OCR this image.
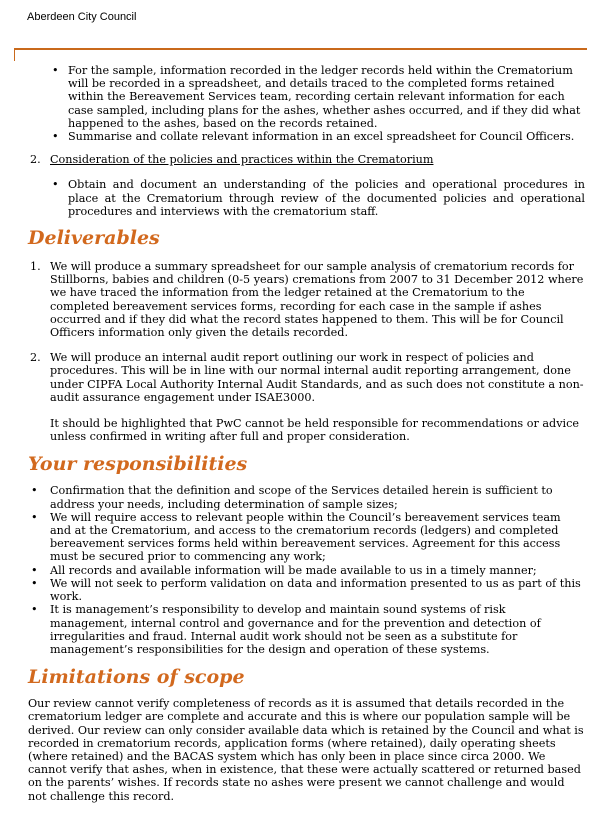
Aberdeen City Council
• For the sample, information recorded in the ledger records held within the Crematorium will be recorded in a spreadsheet, and details traced to the completed forms retained within the Bereavement Services team, recording certain relevant information for each case sampled, including plans for the ashes, whether ashes occurred, and if they did what happened to the ashes, based on the records retained.
• Summarise and collate relevant information in an excel spreadsheet for Council Officers.
2. Consideration of the policies and practices within the Crematorium
• Obtain and document an understanding of the policies and operational procedures in place at the Crematorium through review of the documented policies and operational procedures and interviews with the crematorium staff.
Deliverables
1. We will produce a summary spreadsheet for our sample analysis of crematorium records for Stillborns, babies and children (0-5 years) cremations from 2007 to 31 December 2012 where we have traced the information from the ledger retained at the Crematorium to the completed bereavement services forms, recording for each case in the sample if ashes occurred and if they did what the record states happened to them. This will be for Council Officers information only given the details recorded.
2. We will produce an internal audit report outlining our work in respect of policies and procedures. This will be in line with our normal internal audit reporting arrangement, done under CIPFA Local Authority Internal Audit Standards, and as such does not constitute a non-audit assurance engagement under ISAE3000.
It should be highlighted that PwC cannot be held responsible for recommendations or advice unless confirmed in writing after full and proper consideration.
Your responsibilities
• Confirmation that the definition and scope of the Services detailed herein is sufficient to address your needs, including determination of sample sizes;
• We will require access to relevant people within the Council’s bereavement services team and at the Crematorium, and access to the crematorium records (ledgers) and completed bereavement services forms held within bereavement services. Agreement for this access must be secured prior to commencing any work;
• All records and available information will be made available to us in a timely manner;
• We will not seek to perform validation on data and information presented to us as part of this work.
• It is management’s responsibility to develop and maintain sound systems of risk management, internal control and governance and for the prevention and detection of irregularities and fraud. Internal audit work should not be seen as a substitute for management’s responsibilities for the design and operation of these systems.
Limitations of scope
Our review cannot verify completeness of records as it is assumed that details recorded in the crematorium ledger are complete and accurate and this is where our population sample will be derived. Our review can only consider available data which is retained by the Council and what is recorded in crematorium records, application forms (where retained), daily operating sheets (where retained) and the BACAS system which has only been in place since circa 2000. We cannot verify that ashes, when in existence, that these were actually scattered or returned based on the parents’ wishes. If records state no ashes were present we cannot challenge and would not challenge this record.
